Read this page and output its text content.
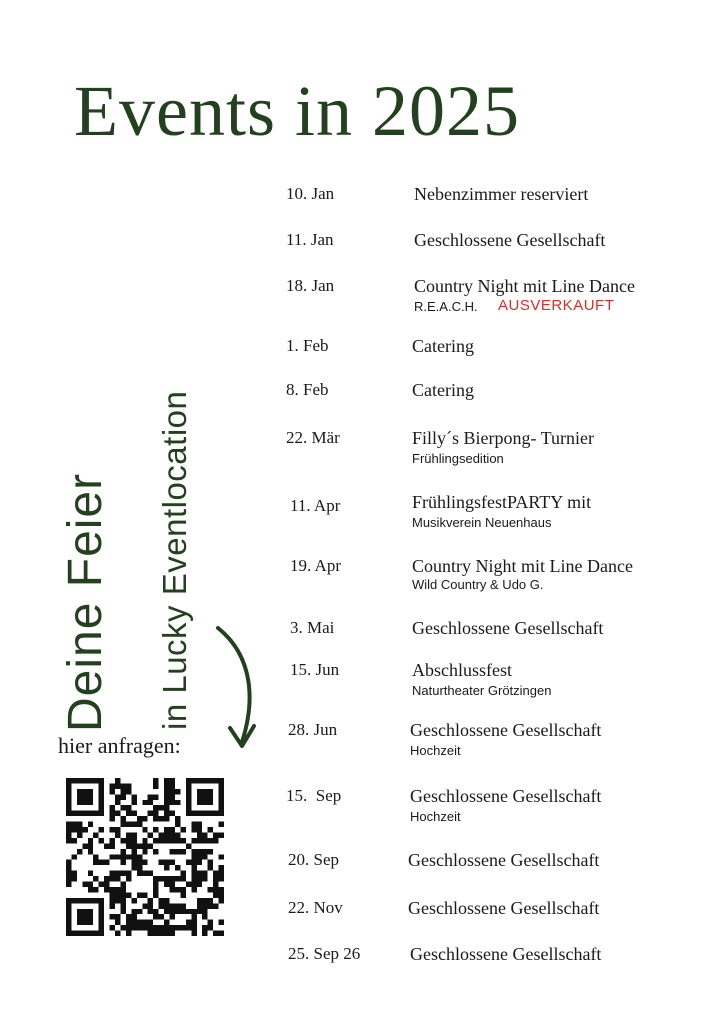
Events in 2025
10. Jan	Nebenzimmer reserviert
11. Jan	Geschlossene Gesellschaft
18. Jan	Country Night mit Line Dance
R.E.A.C.H. AUSVERKAUFT
1. Feb	Catering
8. Feb	Catering
22. Mär	Filly´s Bierpong- Turnier
Frühlingsedition
11. Apr	FrühlingsfestPARTY mit
Musikverein Neuenhaus
19. Apr	Country Night mit Line Dance
Wild Country & Udo G.
3. Mai	Geschlossene Gesellschaft
15. Jun	Abschlussfest
Naturtheater Grötzingen
28. Jun	Geschlossene Gesellschaft
Hochzeit
15.  Sep	Geschlossene Gesellschaft
Hochzeit
20. Sep	Geschlossene Gesellschaft
22. Nov	Geschlossene Gesellschaft
25. Sep 26	Geschlossene Gesellschaft
Deine Feier in Lucky Eventlocation
hier anfragen:
